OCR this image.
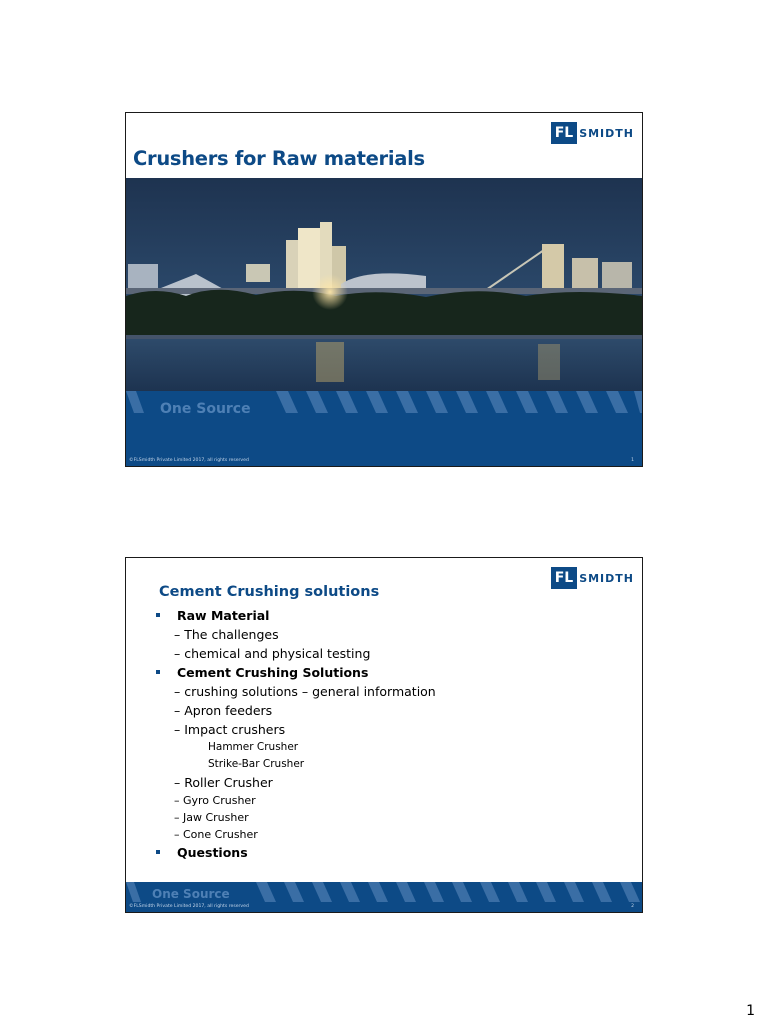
FL SMIDTH
Crushers for Raw materials
One Source
©FLSmidth Private Limited 2017, all rights reserved	1
FL SMIDTH
Cement Crushing solutions
Raw Material
– The challenges
– chemical and physical testing
Cement Crushing Solutions
– crushing solutions – general information
– Apron feeders
– Impact crushers
Hammer Crusher
Strike-Bar Crusher
– Roller Crusher
– Gyro Crusher
– Jaw Crusher
– Cone Crusher
Questions
One Source
©FLSmidth Private Limited 2017, all rights reserved	2
1
